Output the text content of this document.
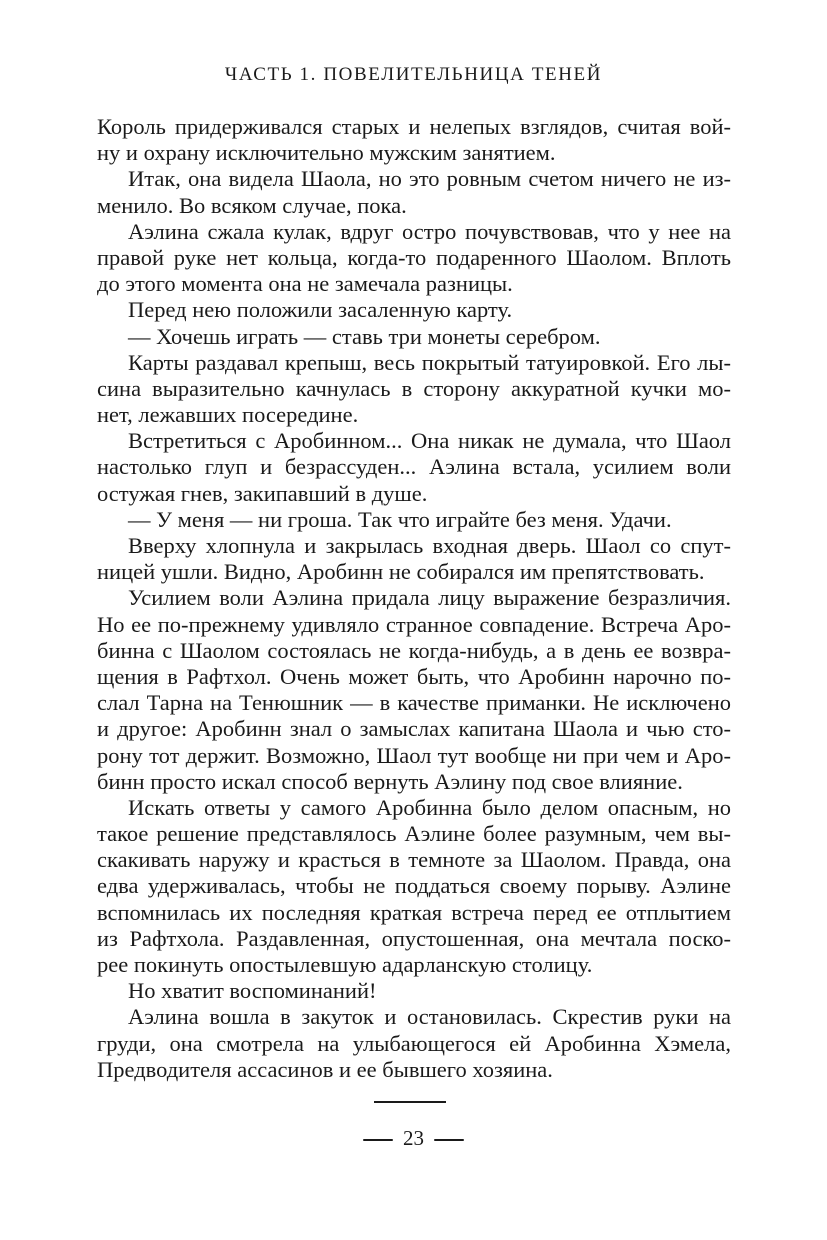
ЧАСТЬ 1. ПОВЕЛИТЕЛЬНИЦА ТЕНЕЙ
Король придерживался старых и нелепых взглядов, считая вой-
ну и охрану исключительно мужским занятием.
Итак, она видела Шаола, но это ровным счетом ничего не из-
менило. Во всяком случае, пока.
Аэлина сжала кулак, вдруг остро почувствовав, что у нее на
правой руке нет кольца, когда-то подаренного Шаолом. Вплоть
до этого момента она не замечала разницы.
Перед нею положили засаленную карту.
— Хочешь играть — ставь три монеты серебром.
Карты раздавал крепыш, весь покрытый татуировкой. Его лы-
сина выразительно качнулась в сторону аккуратной кучки мо-
нет, лежавших посередине.
Встретиться с Аробинном... Она никак не думала, что Шаол
настолько глуп и безрассуден... Аэлина встала, усилием воли
остужая гнев, закипавший в душе.
— У меня — ни гроша. Так что играйте без меня. Удачи.
Вверху хлопнула и закрылась входная дверь. Шаол со спут-
ницей ушли. Видно, Аробинн не собирался им препятствовать.
Усилием воли Аэлина придала лицу выражение безразличия.
Но ее по-прежнему удивляло странное совпадение. Встреча Аро-
бинна с Шаолом состоялась не когда-нибудь, а в день ее возвра-
щения в Рафтхол. Очень может быть, что Аробинн нарочно по-
слал Тарна на Тенюшник — в качестве приманки. Не исключено
и другое: Аробинн знал о замыслах капитана Шаола и чью сто-
рону тот держит. Возможно, Шаол тут вообще ни при чем и Аро-
бинн просто искал способ вернуть Аэлину под свое влияние.
Искать ответы у самого Аробинна было делом опасным, но
такое решение представлялось Аэлине более разумным, чем вы-
скакивать наружу и красться в темноте за Шаолом. Правда, она
едва удерживалась, чтобы не поддаться своему порыву. Аэлине
вспомнилась их последняя краткая встреча перед ее отплытием
из Рафтхола. Раздавленная, опустошенная, она мечтала поско-
рее покинуть опостылевшую адарланскую столицу.
Но хватит воспоминаний!
Аэлина вошла в закуток и остановилась. Скрестив руки на
груди, она смотрела на улыбающегося ей Аробинна Хэмела,
Предводителя ассасинов и ее бывшего хозяина.
23
